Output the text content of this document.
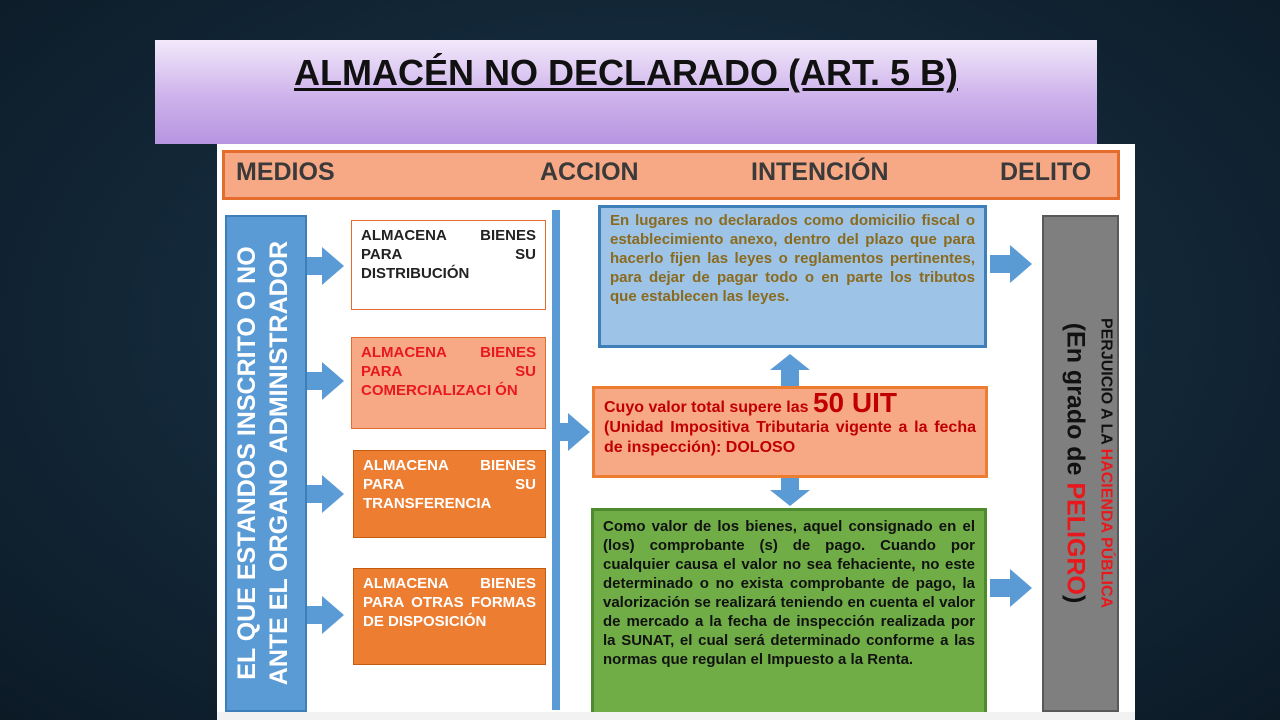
ALMACÉN NO DECLARADO (ART. 5 B)
MEDIOS	ACCION	INTENCIÓN	DELITO
EL QUE ESTANDOS INSCRITO O NO ANTE EL ORGANO ADMINISTRADOR
ALMACENA BIENES PARA SU DISTRIBUCIÓN
ALMACENA BIENES PARA SU COMERCIALIZACI ÓN
ALMACENA BIENES PARA SU TRANSFERENCIA
ALMACENA BIENES PARA OTRAS FORMAS DE DISPOSICIÓN
En lugares no declarados como domicilio fiscal o establecimiento anexo, dentro del plazo que para hacerlo fijen las leyes o reglamentos pertinentes, para dejar de pagar todo o en parte los tributos que establecen las leyes.
Cuyo valor total supere las 50 UIT
(Unidad Impositiva Tributaria vigente a la fecha de inspección): DOLOSO
Como valor de los bienes, aquel consignado en el (los) comprobante (s) de pago. Cuando por cualquier causa el valor no sea fehaciente, no este determinado o no exista comprobante de pago, la valorización se realizará teniendo en cuenta el valor de mercado a la fecha de inspección realizada por la SUNAT, el cual será determinado conforme a las normas que regulan el Impuesto a la Renta.
PERJUICIO A LA HACIENDA PÚBLICA
(En grado de PELIGRO)
